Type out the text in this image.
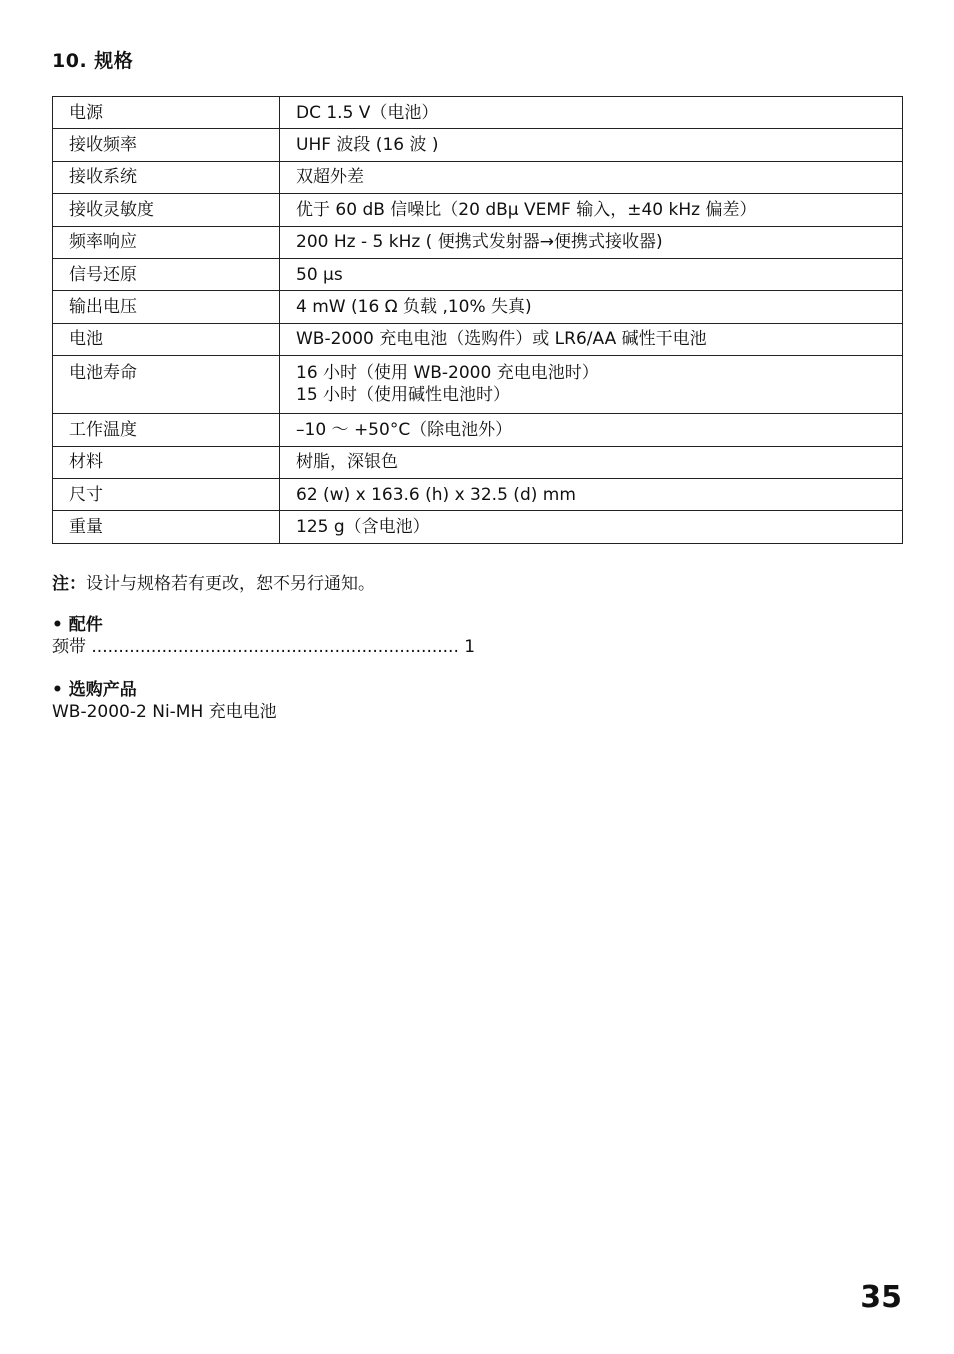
10. 规格
电源	DC 1.5 V（电池）
接收频率	UHF 波段 (16 波 )
接收系统	双超外差
接收灵敏度	优于 60 dB 信噪比（20 dBμ VEMF 输入，±40 kHz 偏差）
频率响应	200 Hz - 5 kHz ( 便携式发射器→便携式接收器)
信号还原	50 µs
输出电压	4 mW (16 Ω 负载 ,10% 失真)
电池	WB-2000 充电电池（选购件）或 LR6/AA 碱性干电池
电池寿命	16 小时（使用 WB-2000 充电电池时）
15 小时（使用碱性电池时）

工作温度	–10 〜 +50°C（除电池外）
材料	树脂，深银色
尺寸	62 (w) x 163.6 (h) x 32.5 (d) mm
重量	125 g（含电池）
注：设计与规格若有更改，恕不另行通知。
• 配件
颈带 .................................................................... 1
• 选购产品
WB-2000-2 Ni-MH 充电电池
35
